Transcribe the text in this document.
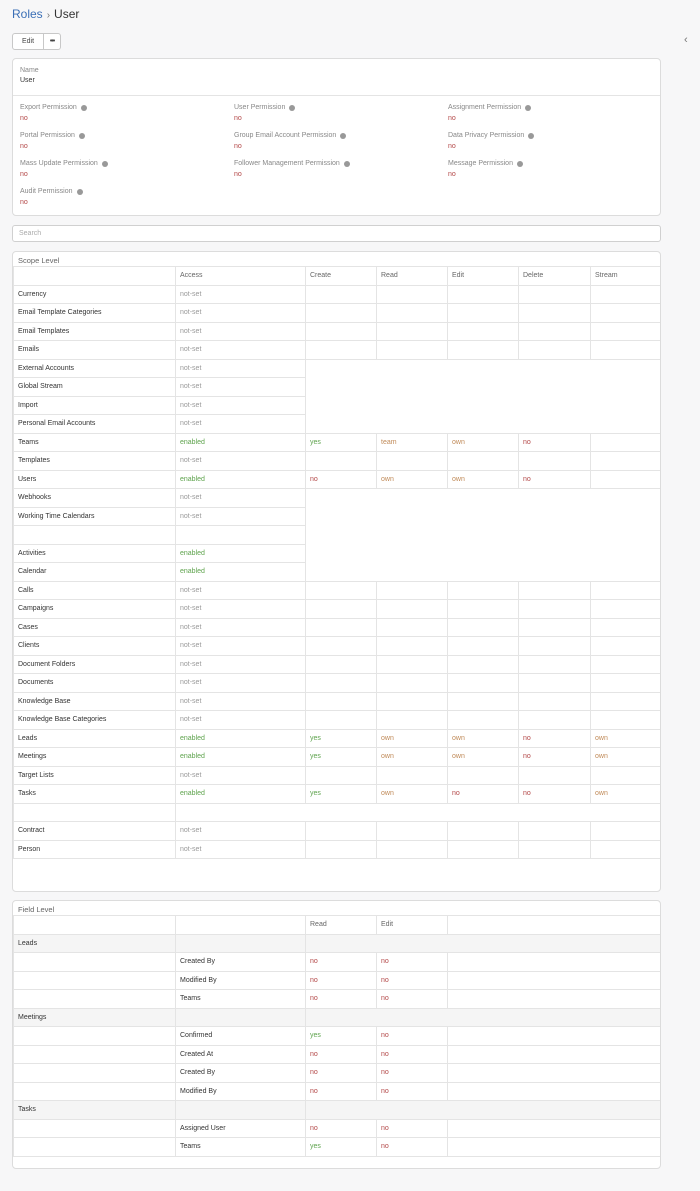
Roles › User
‹
Edit	•••
Name
User
Export Permission
no
User Permission
no
Assignment Permission
no
Portal Permission
no
Group Email Account Permission
no
Data Privacy Permission
no
Mass Update Permission
no
Follower Management Permission
no
Message Permission
no
Audit Permission
no
Search
Scope Level
	Access	Create	Read	Edit	Delete	Stream
Currency	not-set					
Email Template Categories	not-set					
Email Templates	not-set					
Emails	not-set					
External Accounts	not-set					
Global Stream	not-set					
Import	not-set					
Personal Email Accounts	not-set					
Teams	enabled	yes	team	own	no	
Templates	not-set					
Users	enabled	no	own	own	no	
Webhooks	not-set					
Working Time Calendars	not-set					

Activities	enabled					
Calendar	enabled					
Calls	not-set					
Campaigns	not-set					
Cases	not-set					
Clients	not-set					
Document Folders	not-set					
Documents	not-set					
Knowledge Base	not-set					
Knowledge Base Categories	not-set					
Leads	enabled	yes	own	own	no	own
Meetings	enabled	yes	own	own	no	own
Target Lists	not-set					
Tasks	enabled	yes	own	no	no	own

Contract	not-set					
Person	not-set					
Field Level
		Read	Edit	
Leads				
	Created By	no	no	
	Modified By	no	no	
	Teams	no	no	
Meetings				
	Confirmed	yes	no	
	Created At	no	no	
	Created By	no	no	
	Modified By	no	no	
Tasks				
	Assigned User	no	no	
	Teams	yes	no	
